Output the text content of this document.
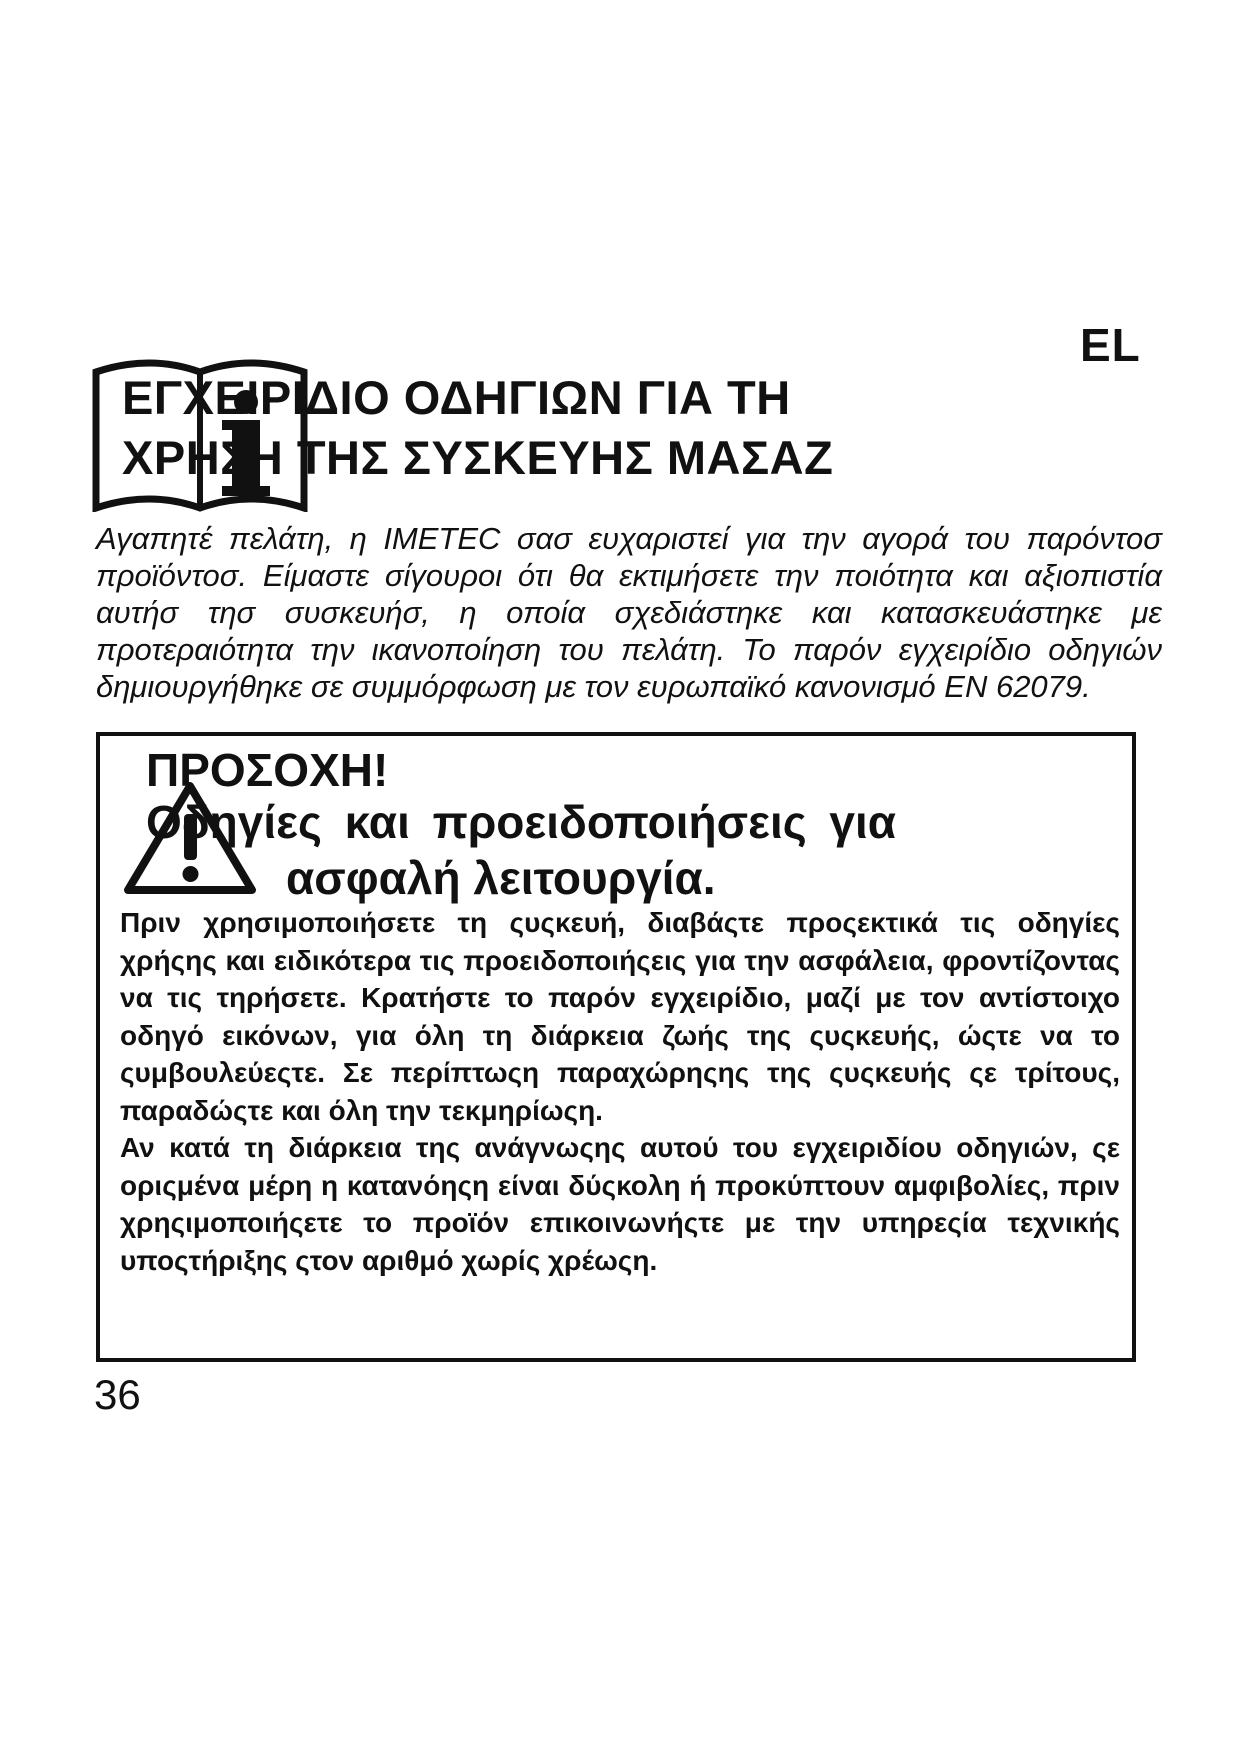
EL
ΕΓΧΕΙΡΙΔΙΟ ΟΔΗΓΙΩΝ ΓΙΑ ΤΗ
ΧΡΗΣΗ ΤΗΣ ΣΥΣΚΕΥΗΣ ΜΑΣΑΖ
Αγαπητέ πελάτη, η IMETEC σασ ευχαριστεί για την αγορά του παρόντοσ προϊόντοσ. Είμαστε σίγουροι ότι θα εκτιμήσετε την ποιότητα και αξιοπιστία αυτήσ τησ συσκευήσ, η οποία σχεδιάστηκε και κατασκευάστηκε με προτεραιότητα την ικανοποίηση του πελάτη. Το παρόν εγχειρίδιο οδηγιών δημιουργήθηκε σε συμμόρφωση με τον ευρωπαϊκό κανονισμό EN 62079.
ΠΡΟΣΟΧΗ!
Οδηγίες και προειδοποιήσεις για
ασφαλή λειτουργία.

Πριν χρησιμοποιήσετε τη ςυςκευή, διαβάςτε προςεκτικά τις οδηγίες χρήςης και ειδικότερα τις προειδοποιήςεις για την ασφάλεια, φροντίζοντας να τις τηρήσετε. Κρατήστε το παρόν εγχειρίδιο, μαζί με τον αντίστοιχο οδηγό εικόνων, για όλη τη διάρκεια ζωής της ςυςκευής, ώςτε να το ςυμβουλεύεςτε. Σε περίπτωςη παραχώρηςης της ςυςκευής ςε τρίτους, παραδώςτε και όλη την τεκμηρίωςη.

Αν κατά τη διάρκεια της ανάγνωςης αυτού του εγχειριδίου οδηγιών, ςε οριςμένα μέρη η κατανόηςη είναι δύςκολη ή προκύπτουν αμφιβολίες, πριν χρηςιμοποιήςετε το προϊόν επικοινωνήςτε με την υπηρεςία τεχνικής υποςτήριξης ςτον αριθμό χωρίς χρέωςη.

36
